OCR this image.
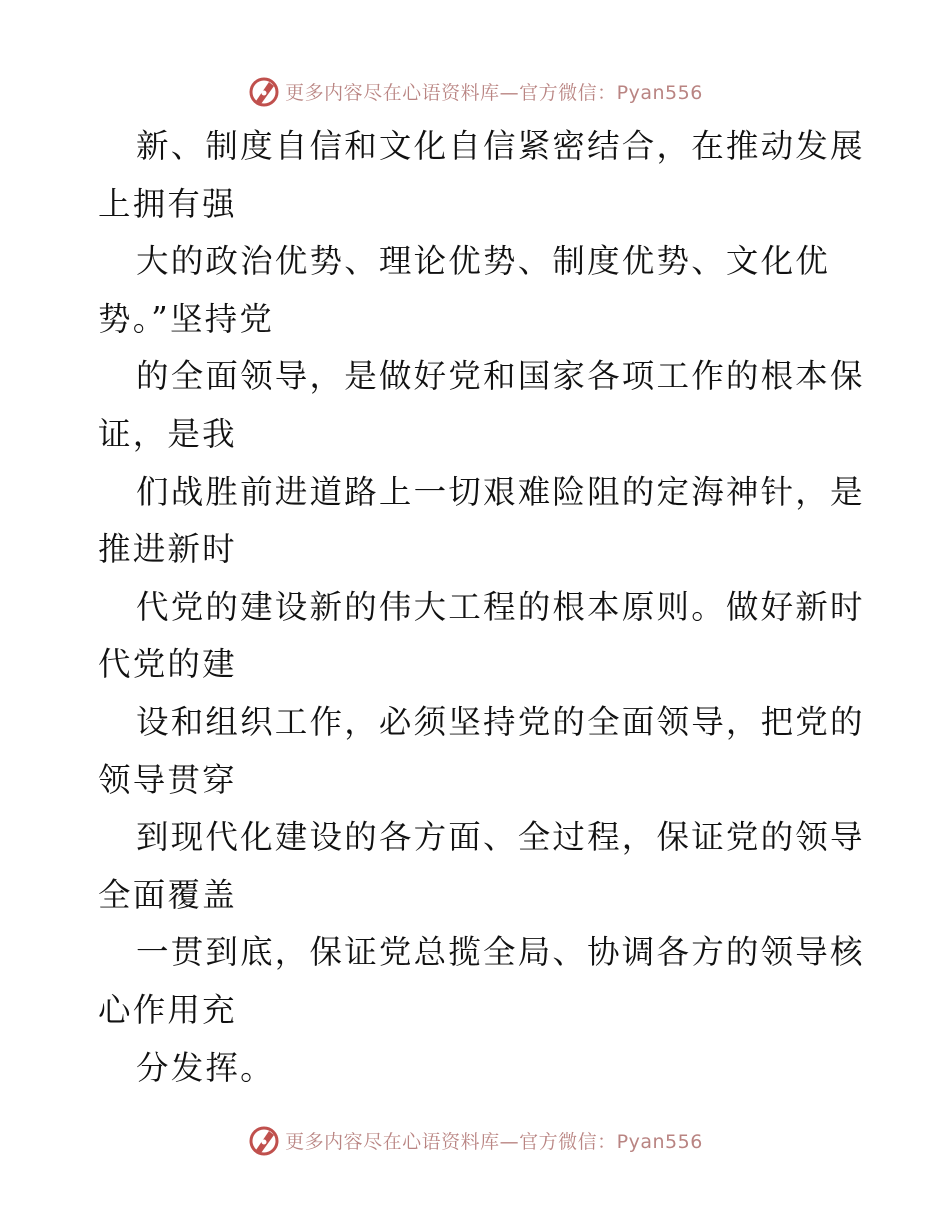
更多内容尽在心语资料库—官方微信：Pyan556
新、制度自信和文化自信紧密结合，在推动发展
上拥有强
大的政治优势、理论优势、制度优势、文化优
势。”坚持党
的全面领导，是做好党和国家各项工作的根本保
证，是我
们战胜前进道路上一切艰难险阻的定海神针，是
推进新时
代党的建设新的伟大工程的根本原则。做好新时
代党的建
设和组织工作，必须坚持党的全面领导，把党的
领导贯穿
到现代化建设的各方面、全过程，保证党的领导
全面覆盖
一贯到底，保证党总揽全局、协调各方的领导核
心作用充
分发挥。
更多内容尽在心语资料库—官方微信：Pyan556
